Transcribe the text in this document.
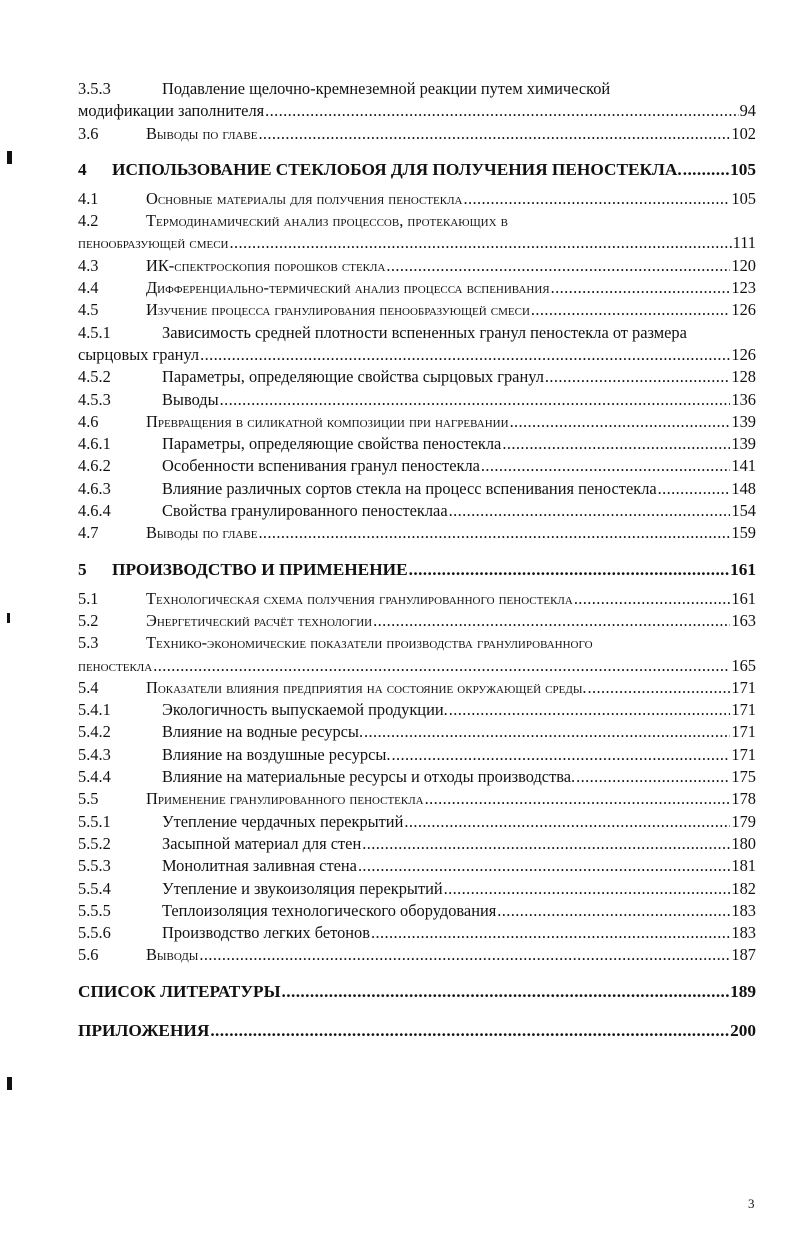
3.5.3	Подавление щелочно-кремнеземной реакции путем химической
модификации заполнителя .....	94
3.6	Выводы по главе .....	102
4 ИСПОЛЬЗОВАНИЕ СТЕКЛОБОЯ ДЛЯ ПОЛУЧЕНИЯ ПЕНОСТЕКЛА. .....	105
4.1	Основные материалы для получения пеностекла .....	105
4.2	Термодинамический анализ процессов, протекающих в
пенообразующей смеси .....	111
4.3	ИК-спектроскопия порошков стекла .....	120
4.4	Дифференциально-термический анализ процесса вспенивания .....	123
4.5	Изучение процесса гранулирования пенообразующей смеси .....	126
4.5.1	Зависимость средней плотности вспененных гранул пеностекла от размера
сырцовых гранул .....	126
4.5.2	Параметры, определяющие свойства сырцовых гранул .....	128
4.5.3	Выводы .....	136
4.6	Превращения в силикатной композиции при нагревании .....	139
4.6.1	Параметры, определяющие свойства пеностекла .....	139
4.6.2	Особенности вспенивания гранул пеностекла .....	141
4.6.3	Влияние различных сортов стекла на процесс вспенивания пеностекла .....	148
4.6.4	Свойства гранулированного пеностеклаа .....	154
4.7	Выводы по главе .....	159
5 ПРОИЗВОДСТВО И ПРИМЕНЕНИЕ .....	161
5.1	Технологическая схема получения гранулированного пеностекла .....	161
5.2	Энергетический расчёт технологии .....	163
5.3	Технико-экономические показатели производства гранулированного
пеностекла .....	165
5.4	Показатели влияния предприятия на состояние окружающей среды. .....	171
5.4.1	Экологичность выпускаемой продукции. .....	171
5.4.2	Влияние на водные ресурсы. .....	171
5.4.3	Влияние на воздушные ресурсы. .....	171
5.4.4	Влияние на материальные ресурсы и отходы производства. .....	175
5.5	Применение гранулированного пеностекла .....	178
5.5.1	Утепление чердачных перекрытий .....	179
5.5.2	Засыпной материал для стен .....	180
5.5.3	Монолитная заливная стена .....	181
5.5.4	Утепление и звукоизоляция перекрытий .....	182
5.5.5	Теплоизоляция технологического оборудования .....	183
5.5.6	Производство легких бетонов .....	183
5.6	Выводы .....	187
СПИСОК ЛИТЕРАТУРЫ .....	189
ПРИЛОЖЕНИЯ .....	200
3
